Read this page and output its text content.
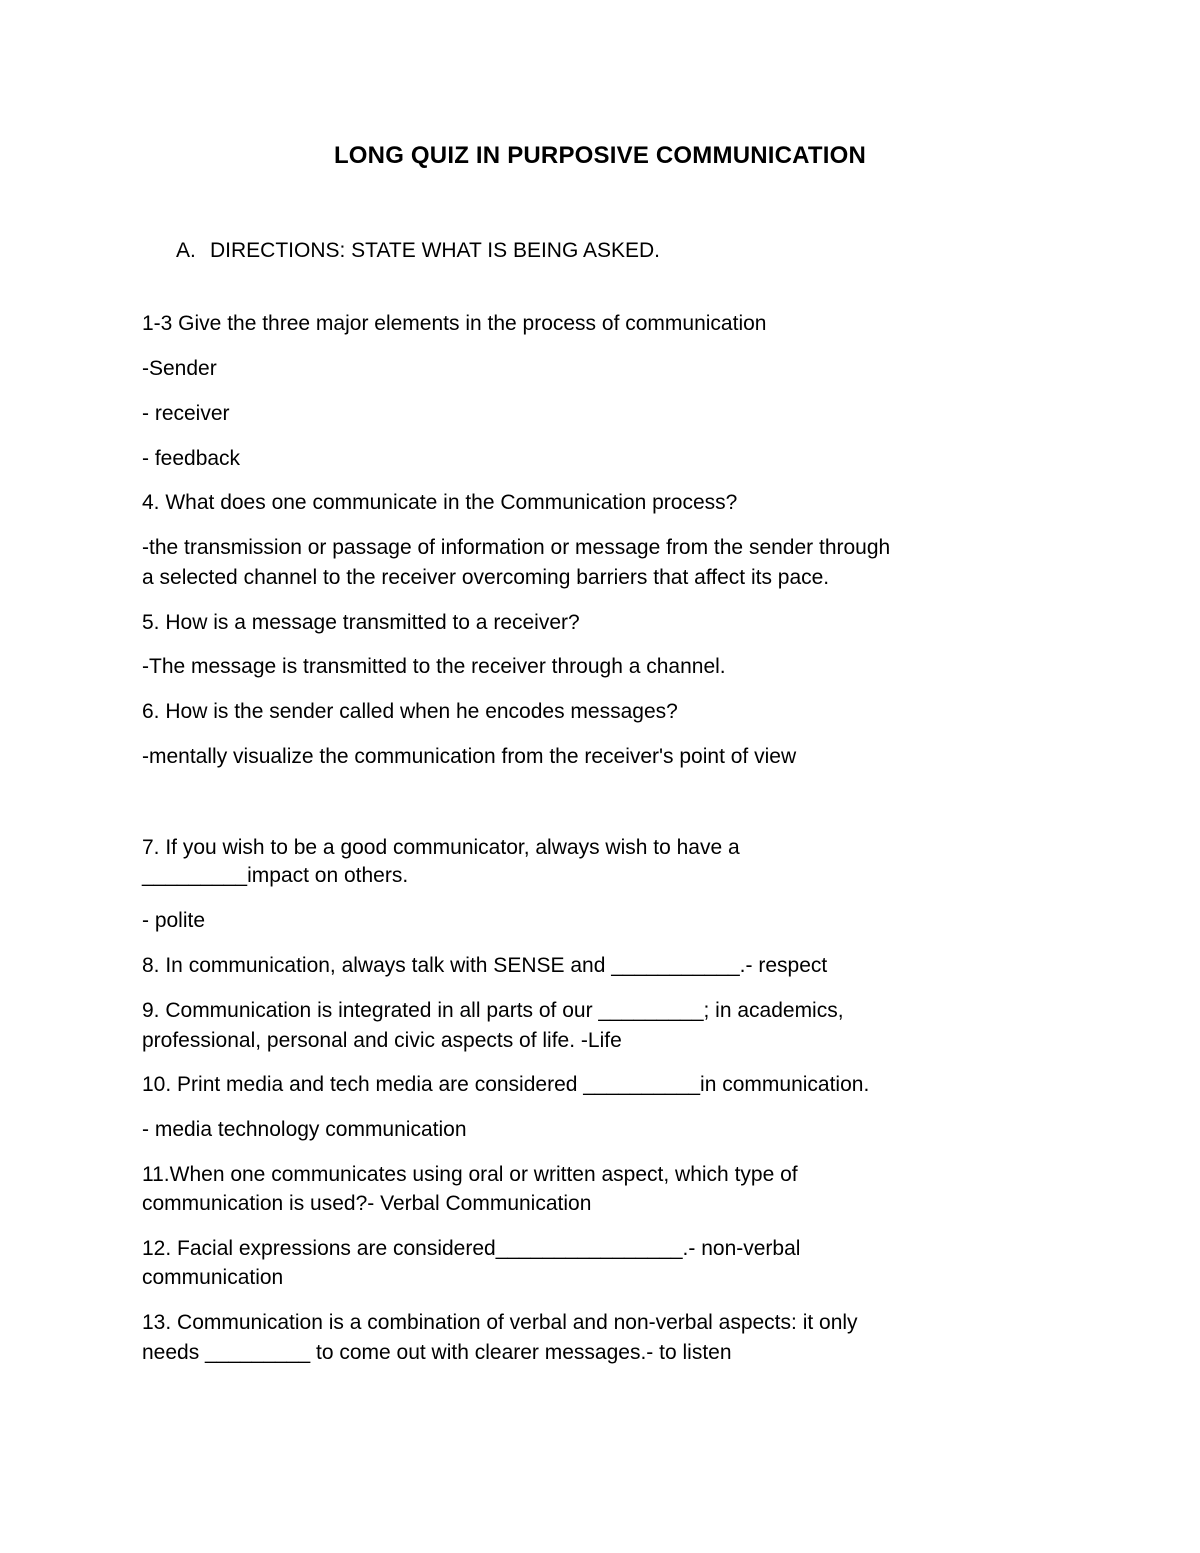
LONG QUIZ IN PURPOSIVE COMMUNICATION
A. DIRECTIONS: STATE WHAT IS BEING ASKED.
1-3 Give the three major elements in the process of communication
-Sender
- receiver
- feedback
4. What does one communicate in the Communication process?
-the transmission or passage of information or message from the sender through
a selected channel to the receiver overcoming barriers that affect its pace.
5. How is a message transmitted to a receiver?
-The message is transmitted to the receiver through a channel.
6. How is the sender called when he encodes messages?
-mentally visualize the communication from the receiver's point of view
7. If you wish to be a good communicator, always wish to have a
_________impact on others.
- polite
8. In communication, always talk with SENSE and ___________.- respect
9. Communication is integrated in all parts of our _________; in academics,
professional, personal and civic aspects of life. -Life
10. Print media and tech media are considered __________in communication.
- media technology communication
11.When one communicates using oral or written aspect, which type of
communication is used?- Verbal Communication
12. Facial expressions are considered________________.- non-verbal
communication
13. Communication is a combination of verbal and non-verbal aspects: it only
needs _________ to come out with clearer messages.- to listen
